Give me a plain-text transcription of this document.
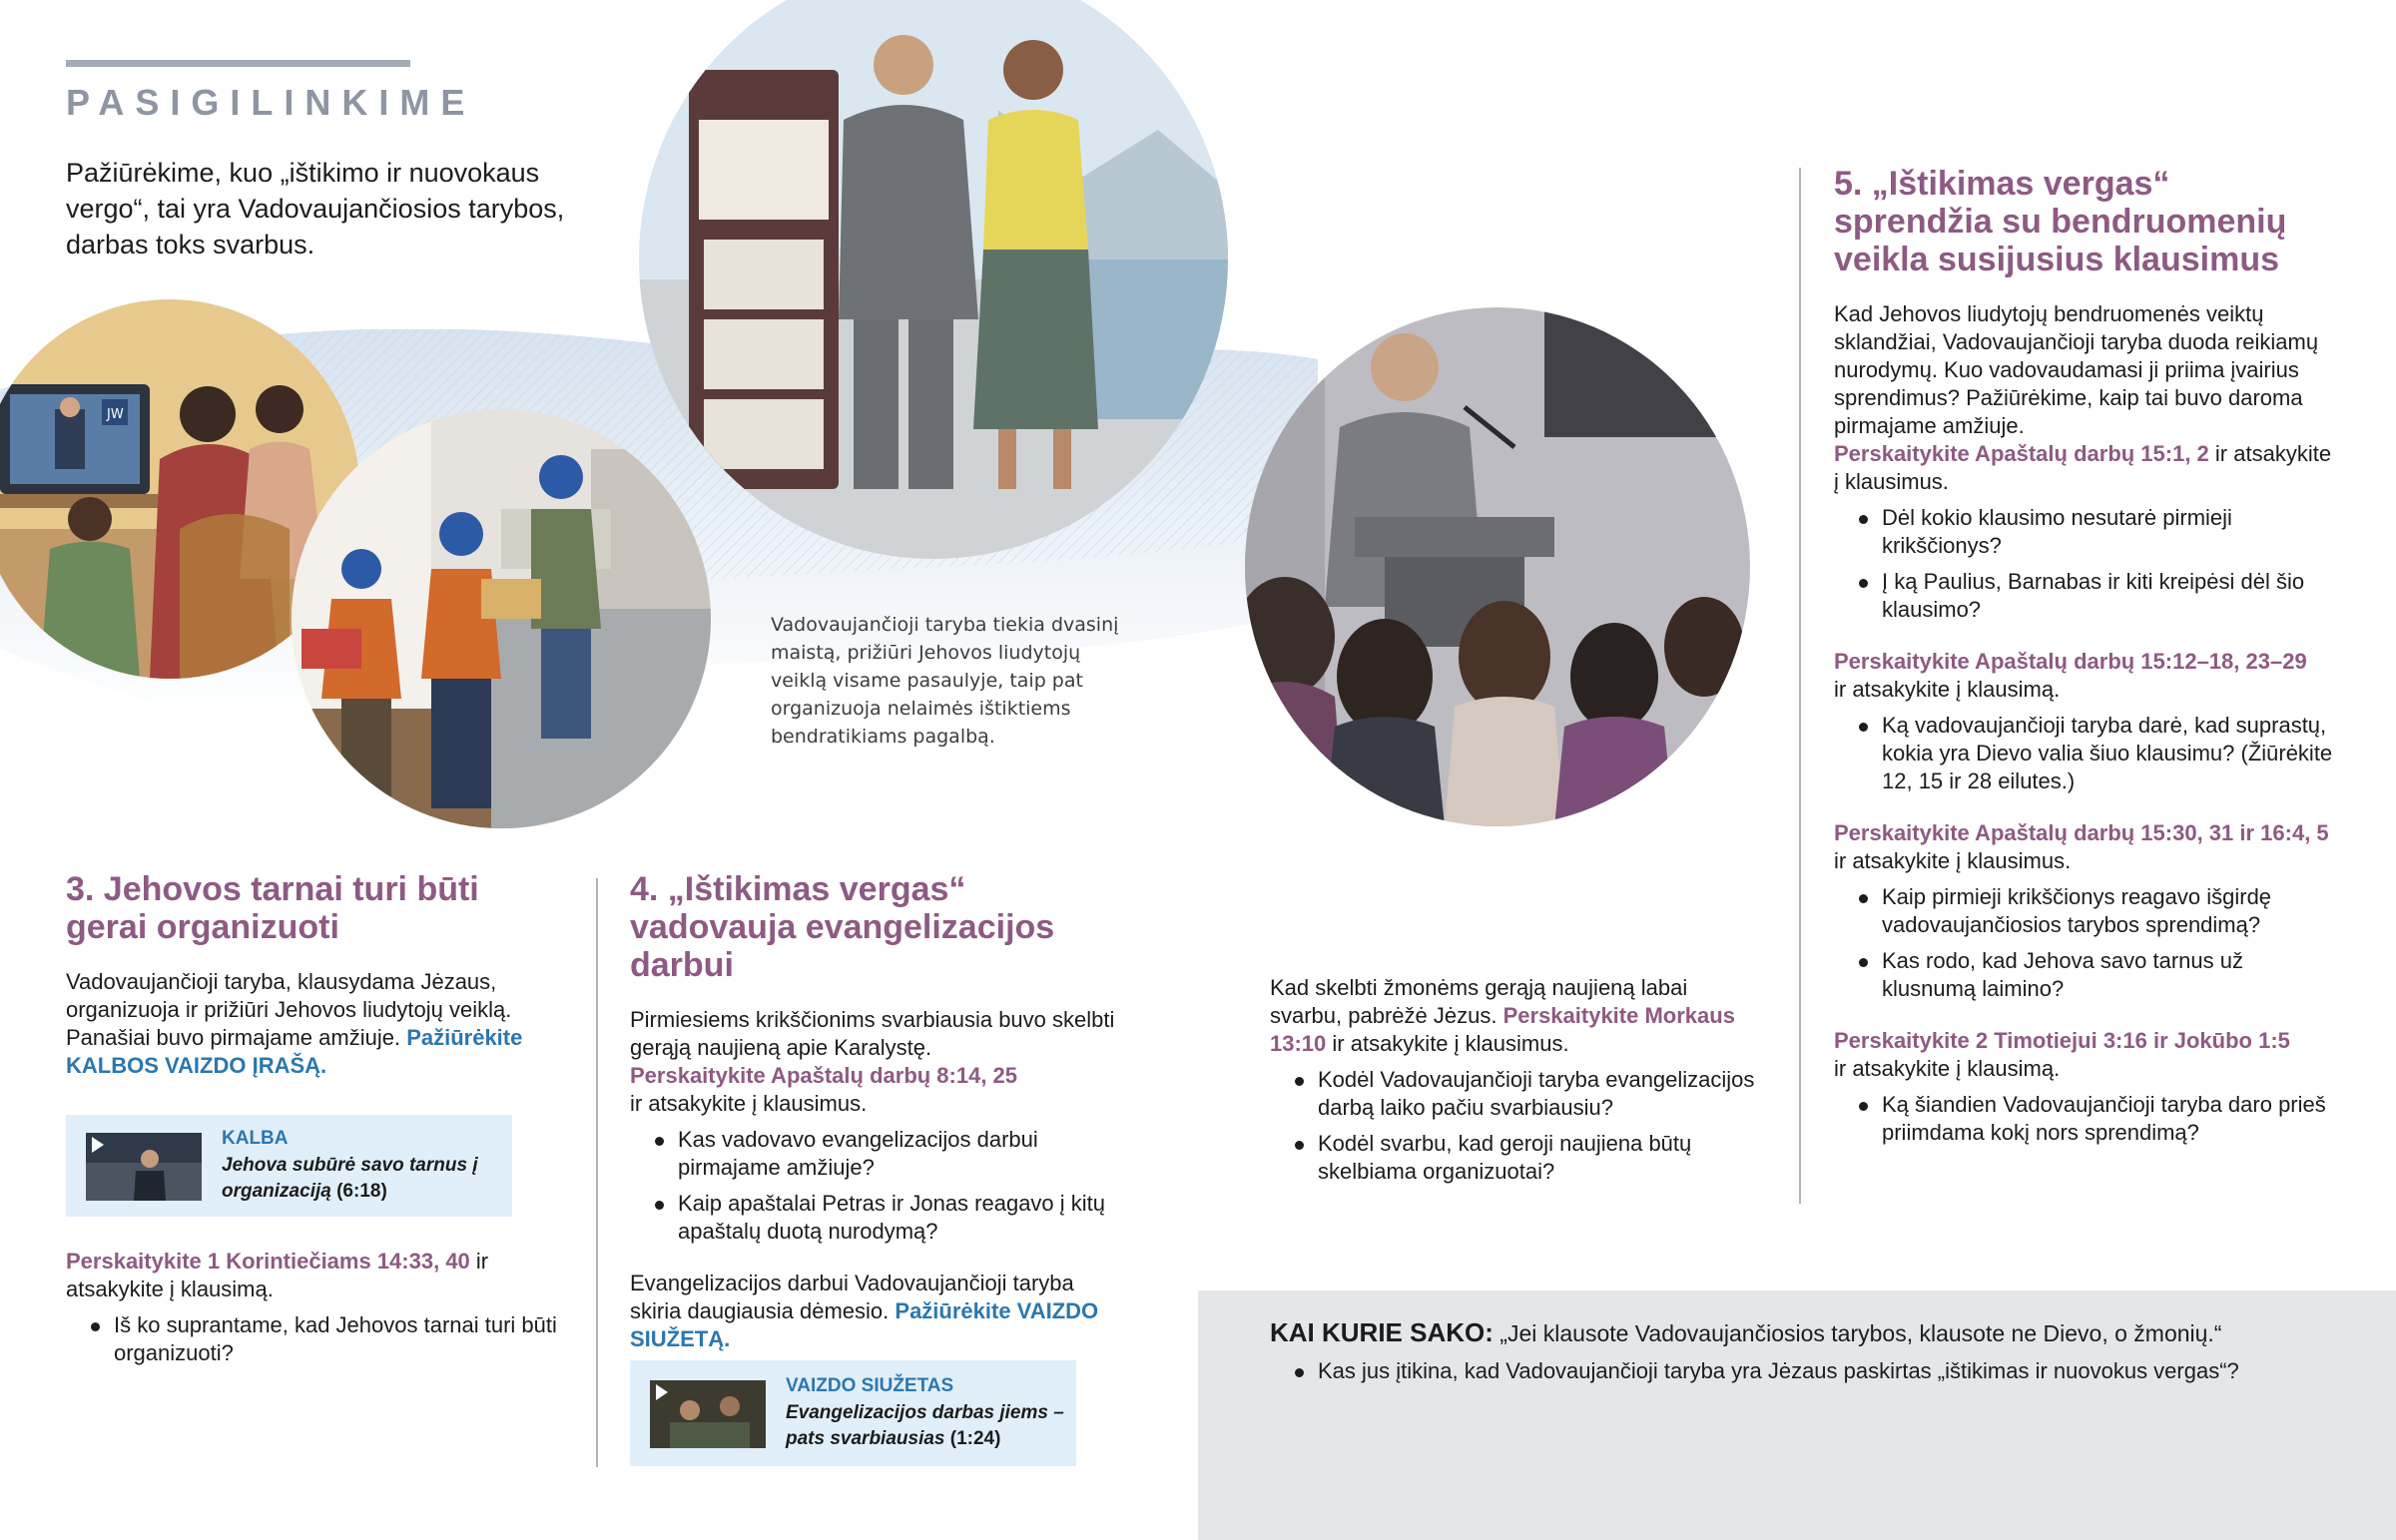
PASIGILINKIME
Pažiūrėkime, kuo „ištikimo ir nuovokaus vergo“, tai yra Vadovaujančiosios tarybos, darbas toks svarbus.
JW
Vadovaujančioji taryba tiekia dvasinį maistą, prižiūri Jehovos liudytojų veiklą visame pasaulyje, taip pat organizuoja nelaimės ištiktiems bendratikiams pagalbą.
3. Jehovos tarnai turi būti gerai organizuoti

Vadovaujančioji taryba, klausydama Jėzaus, organizuoja ir prižiūri Jehovos liudytojų veiklą. Panašiai buvo pirmajame amžiuje. Pažiūrėkite KALBOS VAIZDO ĮRAŠĄ.

KALBA
Jehova subūrė savo tarnus į organizaciją (6:18)

Perskaitykite 1 Korintiečiams 14:33, 40 ir atsakykite į klausimą.

Iš ko suprantame, kad Jehovos tarnai turi būti organizuoti?
4. „Ištikimas vergas“ vadovauja evangelizacijos darbui

Pirmiesiems krikščionims svarbiausia buvo skelbti gerąją naujieną apie Karalystę.

Perskaitykite Apaštalų darbų 8:14, 25

ir atsakykite į klausimus.

Kas vadovavo evangelizacijos darbui pirmajame amžiuje?
Kaip apaštalai Petras ir Jonas reagavo į kitų apaštalų duotą nurodymą?

Evangelizacijos darbui Vadovaujančioji taryba skiria daugiausia dėmesio. Pažiūrėkite VAIZDO SIUŽETĄ.

VAIZDO SIUŽETAS
Evangelizacijos darbas jiems – pats svarbiausias (1:24)

Kad skelbti žmonėms gerąją naujieną labai svarbu, pabrėžė Jėzus. Perskaitykite Morkaus 13:10 ir atsakykite į klausimus.

Kodėl Vadovaujančioji taryba evangelizacijos darbą laiko pačiu svarbiausiu?
Kodėl svarbu, kad geroji naujiena būtų skelbiama organizuotai?
5. „Ištikimas vergas“ sprendžia su bendruomenių veikla susijusius klausimus

Kad Jehovos liudytojų bendruomenės veiktų sklandžiai, Vadovaujančioji taryba duoda reikiamų nurodymų. Kuo vadovaudamasi ji priima įvairius sprendimus? Pažiūrėkime, kaip tai buvo daroma pirmajame amžiuje.

Perskaitykite Apaštalų darbų 15:1, 2 ir atsakykite į klausimus.

Dėl kokio klausimo nesutarė pirmieji krikščionys?
Į ką Paulius, Barnabas ir kiti kreipėsi dėl šio klausimo?

Perskaitykite Apaštalų darbų 15:12–18, 23–29

ir atsakykite į klausimą.

Ką vadovaujančioji taryba darė, kad suprastų, kokia yra Dievo valia šiuo klausimu? (Žiūrėkite 12, 15 ir 28 eilutes.)

Perskaitykite Apaštalų darbų 15:30, 31 ir 16:4, 5 ir atsakykite į klausimus.

Kaip pirmieji krikščionys reagavo išgirdę vadovaujančiosios tarybos sprendimą?
Kas rodo, kad Jehova savo tarnus už klusnumą laimino?

Perskaitykite 2 Timotiejui 3:16 ir Jokūbo 1:5

ir atsakykite į klausimą.

Ką šiandien Vadovaujančioji taryba daro prieš priimdama kokį nors sprendimą?

KAI KURIE SAKO: „Jei klausote Vadovaujančiosios tarybos, klausote ne Dievo, o žmonių.“

Kas jus įtikina, kad Vadovaujančioji taryba yra Jėzaus paskirtas „ištikimas ir nuovokus vergas“?
